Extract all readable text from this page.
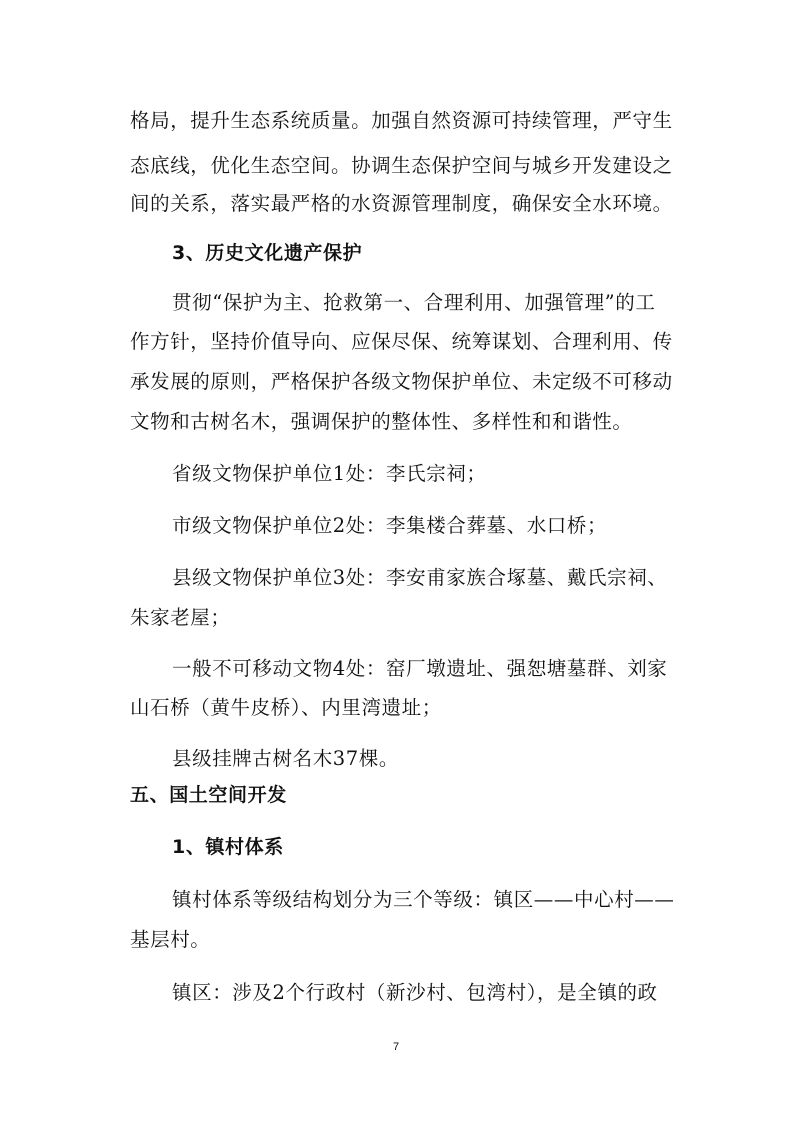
格局，提升生态系统质量。加强自然资源可持续管理，严守生
态底线，优化生态空间。协调生态保护空间与城乡开发建设之
间的关系，落实最严格的水资源管理制度，确保安全水环境。
3、历史文化遗产保护
贯彻“保护为主、抢救第一、合理利用、加强管理”的工
作方针，坚持价值导向、应保尽保、统筹谋划、合理利用、传
承发展的原则，严格保护各级文物保护单位、未定级不可移动
文物和古树名木，强调保护的整体性、多样性和和谐性。
省级文物保护单位1处：李氏宗祠；
市级文物保护单位2处：李集楼合葬墓、水口桥；
县级文物保护单位3处：李安甫家族合塚墓、戴氏宗祠、
朱家老屋；
一般不可移动文物4处：窑厂墩遗址、强恕塘墓群、刘家
山石桥（黄牛皮桥）、内里湾遗址；
县级挂牌古树名木37棵。
五、国土空间开发
1、镇村体系
镇村体系等级结构划分为三个等级：镇区——中心村——
基层村。
镇区：涉及2个行政村（新沙村、包湾村），是全镇的政
7
